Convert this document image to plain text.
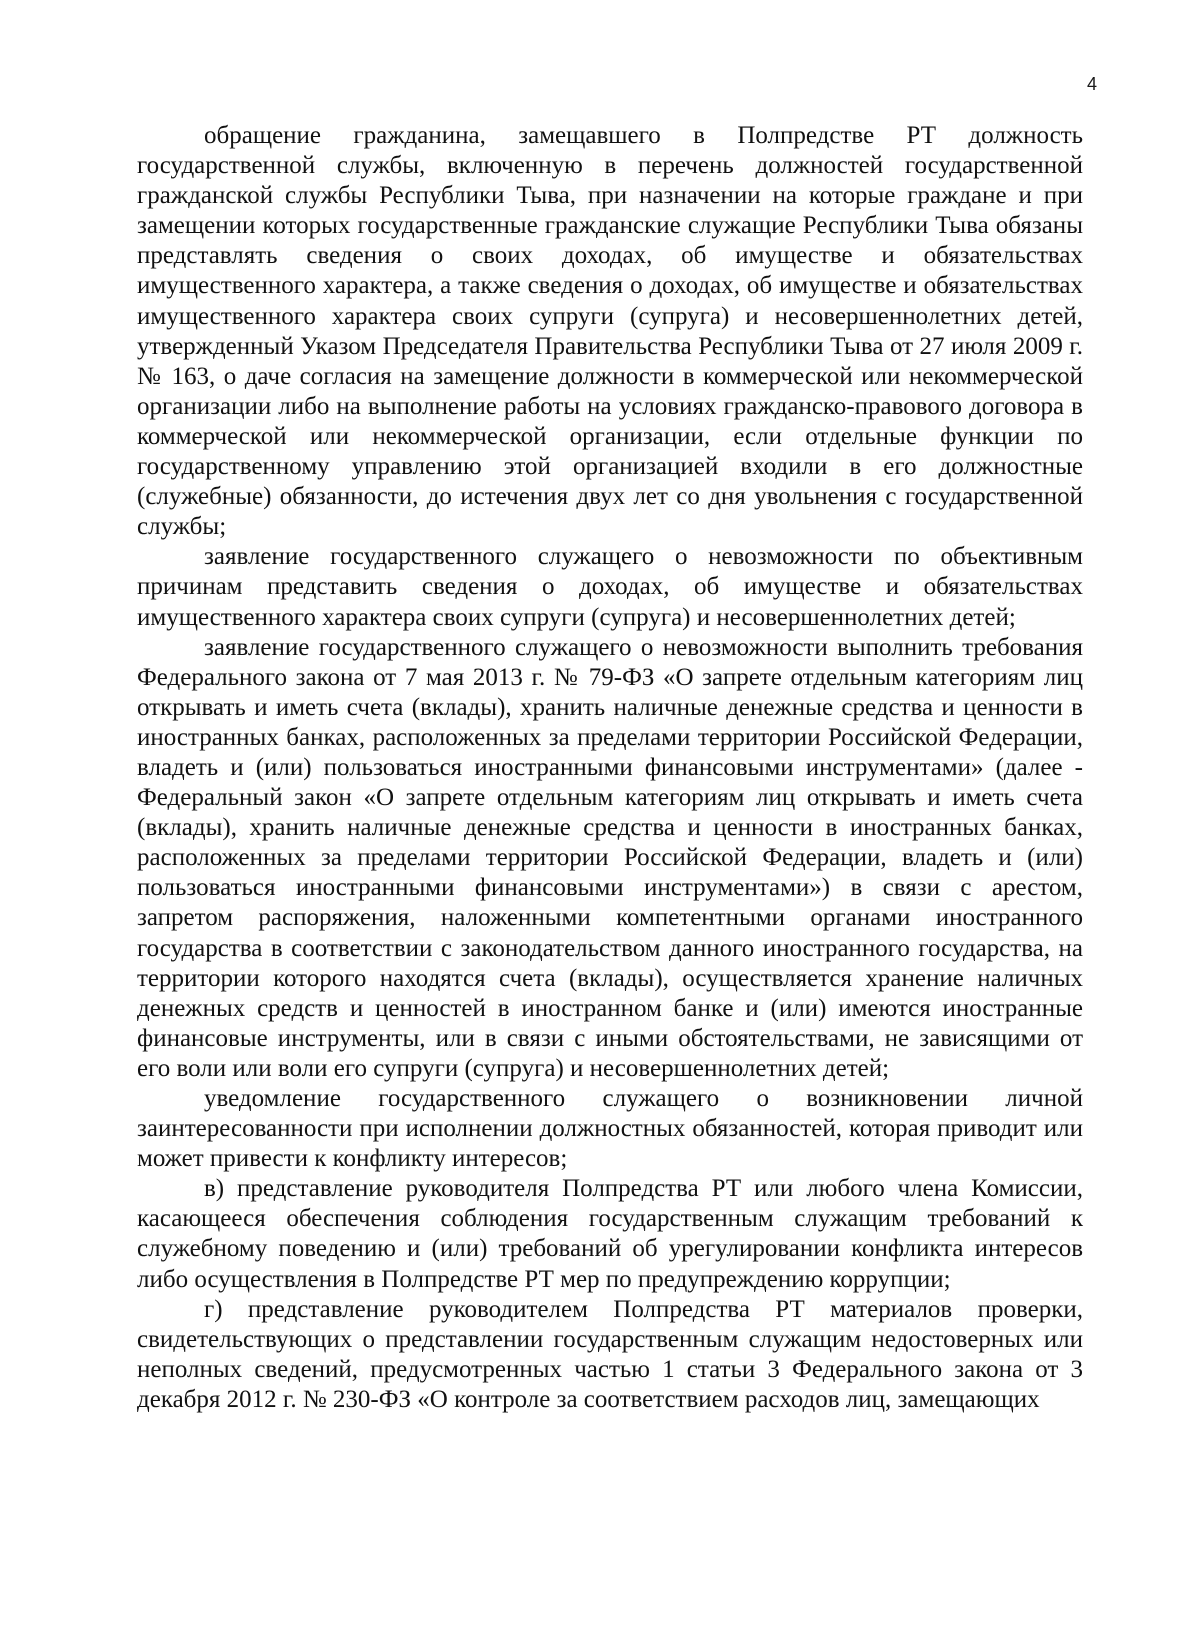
4

обращение гражданина, замещавшего в Полпредстве РТ должность государственной службы, включенную в перечень должностей государственной гражданской службы Республики Тыва, при назначении на которые граждане и при замещении которых государственные гражданские служащие Республики Тыва обязаны представлять сведения о своих доходах, об имуществе и обязательствах имущественного характера, а также сведения о доходах, об имуществе и обязательствах имущественного характера своих супруги (супруга) и несовершеннолетних детей, утвержденный Указом Председателя Правительства Республики Тыва от 27 июля 2009 г. № 163, о даче согласия на замещение должности в коммерческой или некоммерческой организации либо на выполнение работы на условиях гражданско-правового договора в коммерческой или некоммерческой организации, если отдельные функции по государственному управлению этой организацией входили в его должностные (служебные) обязанности, до истечения двух лет со дня увольнения с государственной службы;

заявление государственного служащего о невозможности по объективным причинам представить сведения о доходах, об имуществе и обязательствах имущественного характера своих супруги (супруга) и несовершеннолетних детей;

заявление государственного служащего о невозможности выполнить требования Федерального закона от 7 мая 2013 г. № 79-ФЗ «О запрете отдельным категориям лиц открывать и иметь счета (вклады), хранить наличные денежные средства и ценности в иностранных банках, расположенных за пределами территории Российской Федерации, владеть и (или) пользоваться иностранными финансовыми инструментами» (далее - Федеральный закон «О запрете отдельным категориям лиц открывать и иметь счета (вклады), хранить наличные денежные средства и ценности в иностранных банках, расположенных за пределами территории Российской Федерации, владеть и (или) пользоваться иностранными финансовыми инструментами») в связи с арестом, запретом распоряжения, наложенными компетентными органами иностранного государства в соответствии с законодательством данного иностранного государства, на территории которого находятся счета (вклады), осуществляется хранение наличных денежных средств и ценностей в иностранном банке и (или) имеются иностранные финансовые инструменты, или в связи с иными обстоятельствами, не зависящими от его воли или воли его супруги (супруга) и несовершеннолетних детей;

уведомление государственного служащего о возникновении личной заинтересованности при исполнении должностных обязанностей, которая приводит или может привести к конфликту интересов;

в) представление руководителя Полпредства РТ или любого члена Комиссии, касающееся обеспечения соблюдения государственным служащим требований к служебному поведению и (или) требований об урегулировании конфликта интересов либо осуществления в Полпредстве РТ мер по предупреждению коррупции;

г) представление руководителем Полпредства РТ материалов проверки, свидетельствующих о представлении государственным служащим недостоверных или неполных сведений, предусмотренных частью 1 статьи 3 Федерального закона от 3 декабря 2012 г. № 230-ФЗ «О контроле за соответствием расходов лиц, замещающих
